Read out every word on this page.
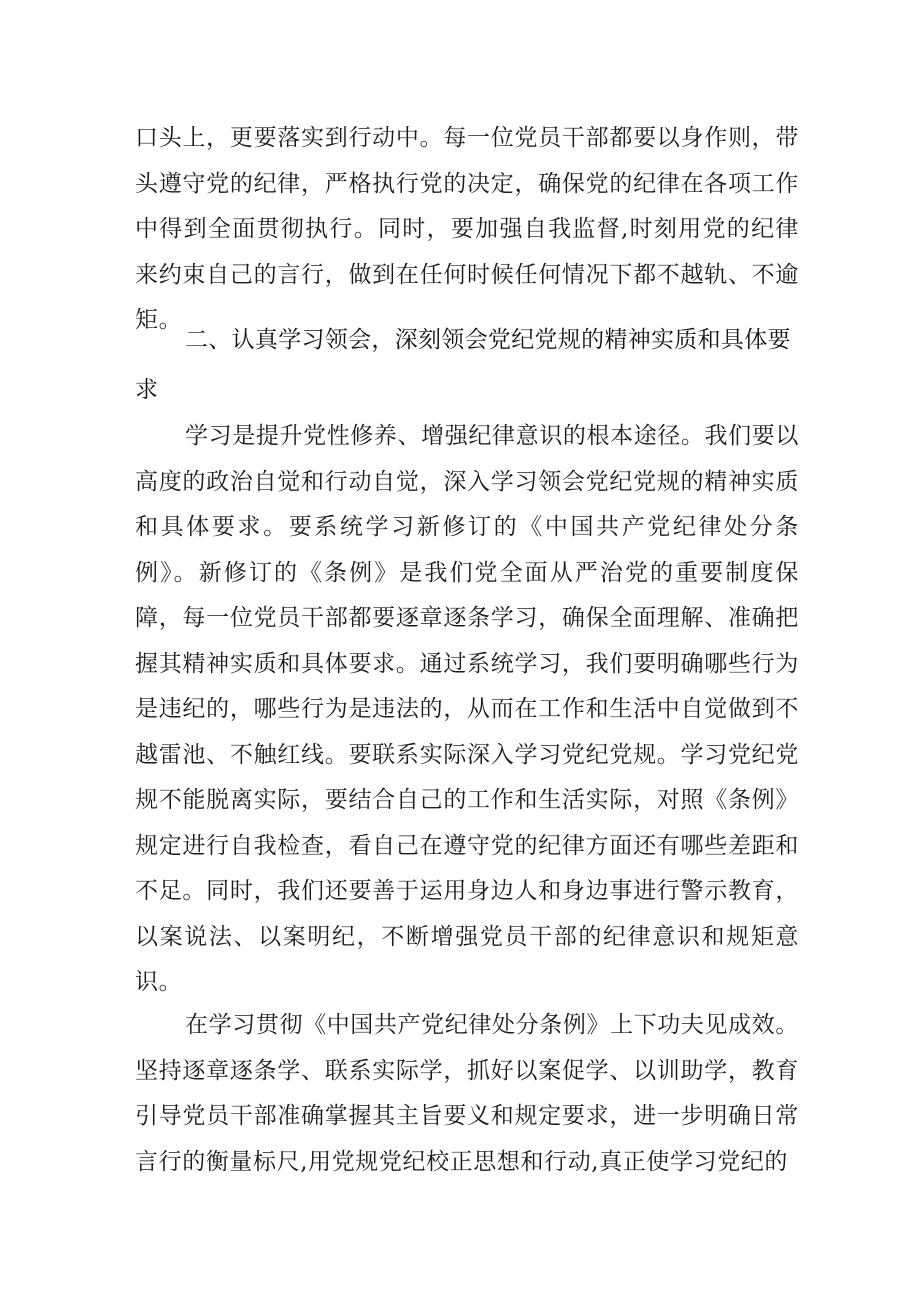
口头上，更要落实到行动中。每一位党员干部都要以身作则，带头遵守党的纪律，严格执行党的决定，确保党的纪律在各项工作中得到全面贯彻执行。同时，要加强自我监督,时刻用党的纪律来约束自己的言行，做到在任何时候任何情况下都不越轨、不逾矩。
二、认真学习领会，深刻领会党纪党规的精神实质和具体要求
学习是提升党性修养、增强纪律意识的根本途径。我们要以高度的政治自觉和行动自觉，深入学习领会党纪党规的精神实质和具体要求。要系统学习新修订的《中国共产党纪律处分条例》。新修订的《条例》是我们党全面从严治党的重要制度保障，每一位党员干部都要逐章逐条学习，确保全面理解、准确把握其精神实质和具体要求。通过系统学习，我们要明确哪些行为是违纪的，哪些行为是违法的，从而在工作和生活中自觉做到不越雷池、不触红线。要联系实际深入学习党纪党规。学习党纪党规不能脱离实际，要结合自己的工作和生活实际，对照《条例》规定进行自我检查，看自己在遵守党的纪律方面还有哪些差距和不足。同时，我们还要善于运用身边人和身边事进行警示教育，以案说法、以案明纪，不断增强党员干部的纪律意识和规矩意识。
在学习贯彻《中国共产党纪律处分条例》上下功夫见成效。坚持逐章逐条学、联系实际学，抓好以案促学、以训助学，教育引导党员干部准确掌握其主旨要义和规定要求，进一步明确日常言行的衡量标尺,用党规党纪校正思想和行动,真正使学习党纪的
